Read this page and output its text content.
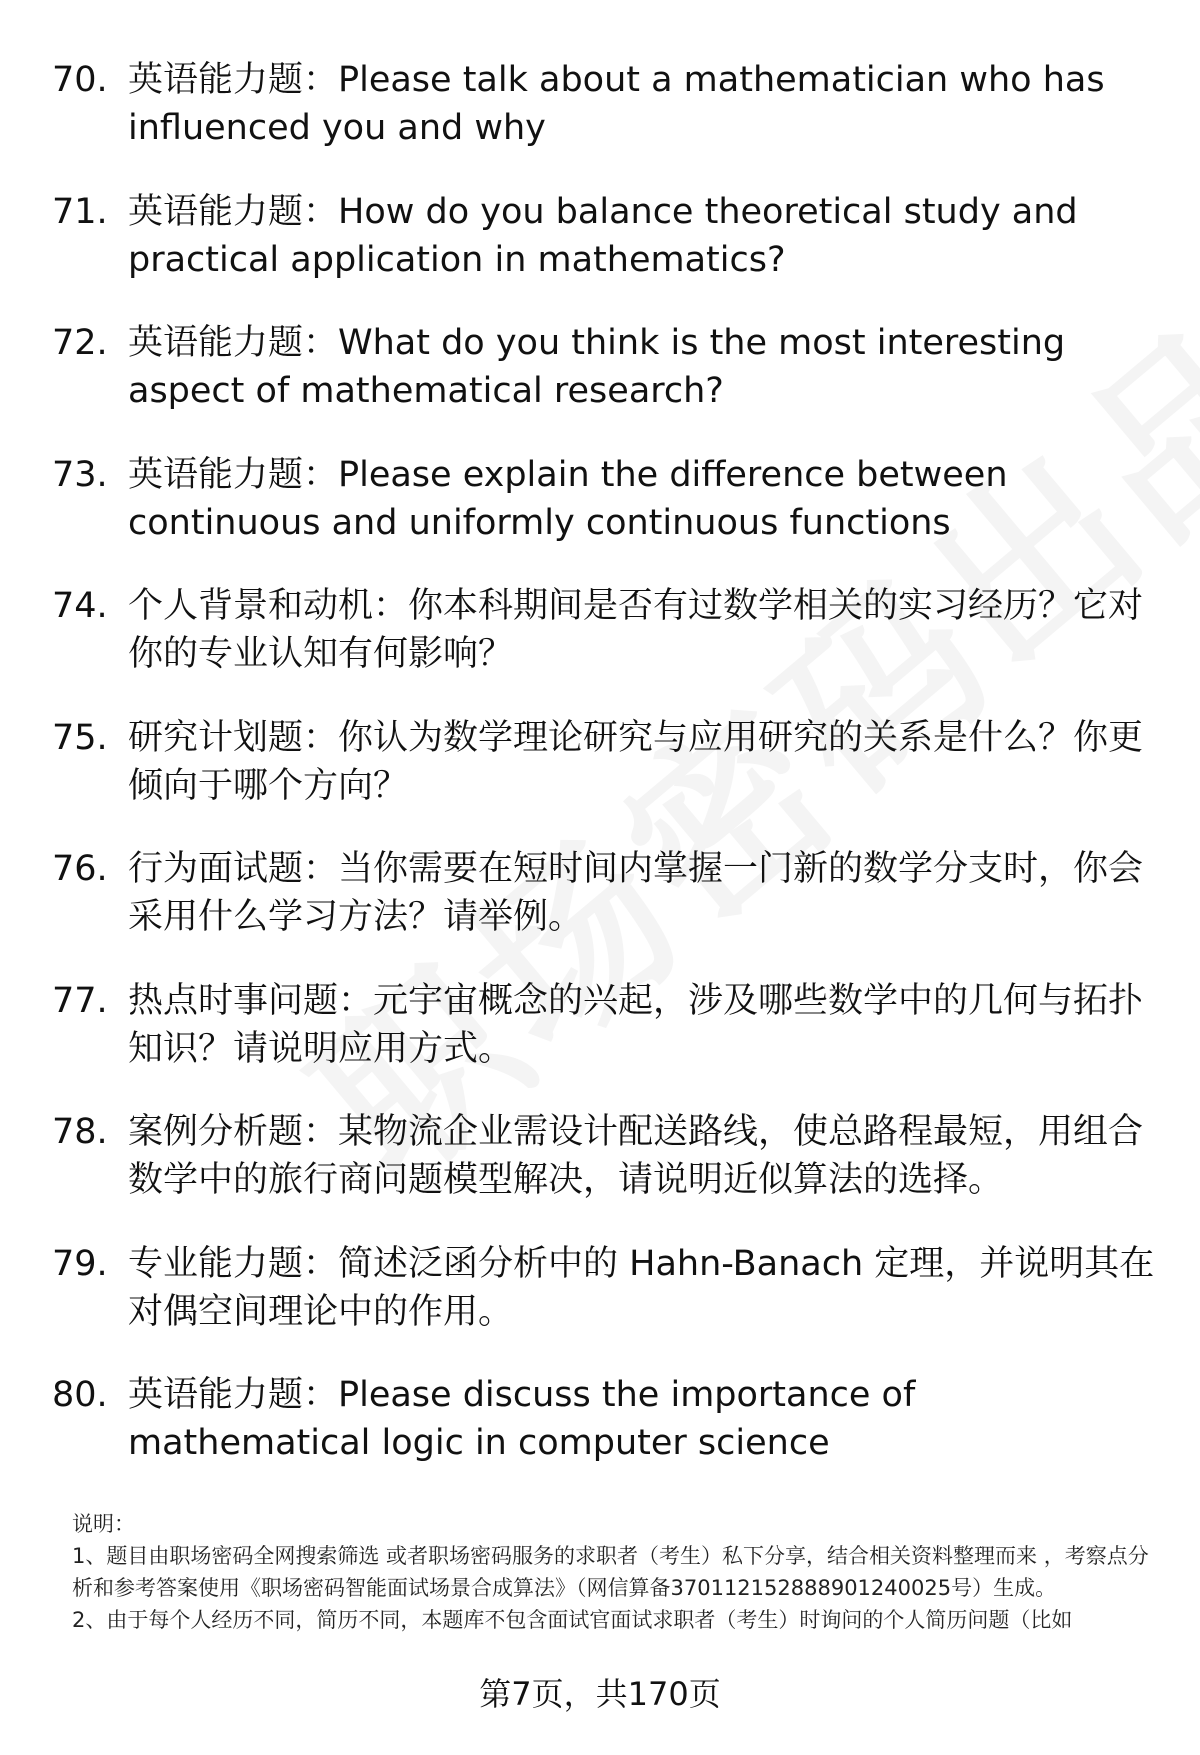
70. 英语能力题：Please talk about a mathematician who has influenced you and why
71. 英语能力题：How do you balance theoretical study and practical application in mathematics?
72. 英语能力题：What do you think is the most interesting aspect of mathematical research?
73. 英语能力题：Please explain the difference between continuous and uniformly continuous functions
74. 个人背景和动机：你本科期间是否有过数学相关的实习经历？它对你的专业认知有何影响？
75. 研究计划题：你认为数学理论研究与应用研究的关系是什么？你更倾向于哪个方向？
76. 行为面试题：当你需要在短时间内掌握一门新的数学分支时，你会采用什么学习方法？请举例。
77. 热点时事问题：元宇宙概念的兴起，涉及哪些数学中的几何与拓扑知识？请说明应用方式。
78. 案例分析题：某物流企业需设计配送路线，使总路程最短，用组合数学中的旅行商问题模型解决，请说明近似算法的选择。
79. 专业能力题：简述泛函分析中的 Hahn-Banach 定理，并说明其在对偶空间理论中的作用。
80. 英语能力题：Please discuss the importance of mathematical logic in computer science

说明：

1、题目由职场密码全网搜索筛选 或者职场密码服务的求职者（考生）私下分享，结合相关资料整理而来 ，考察点分析和参考答案使用《职场密码智能面试场景合成算法》（网信算备370112152888901240025号）生成。

2、由于每个人经历不同，简历不同，本题库不包含面试官面试求职者（考生）时询问的个人简历问题（比如

第7页，共170页
